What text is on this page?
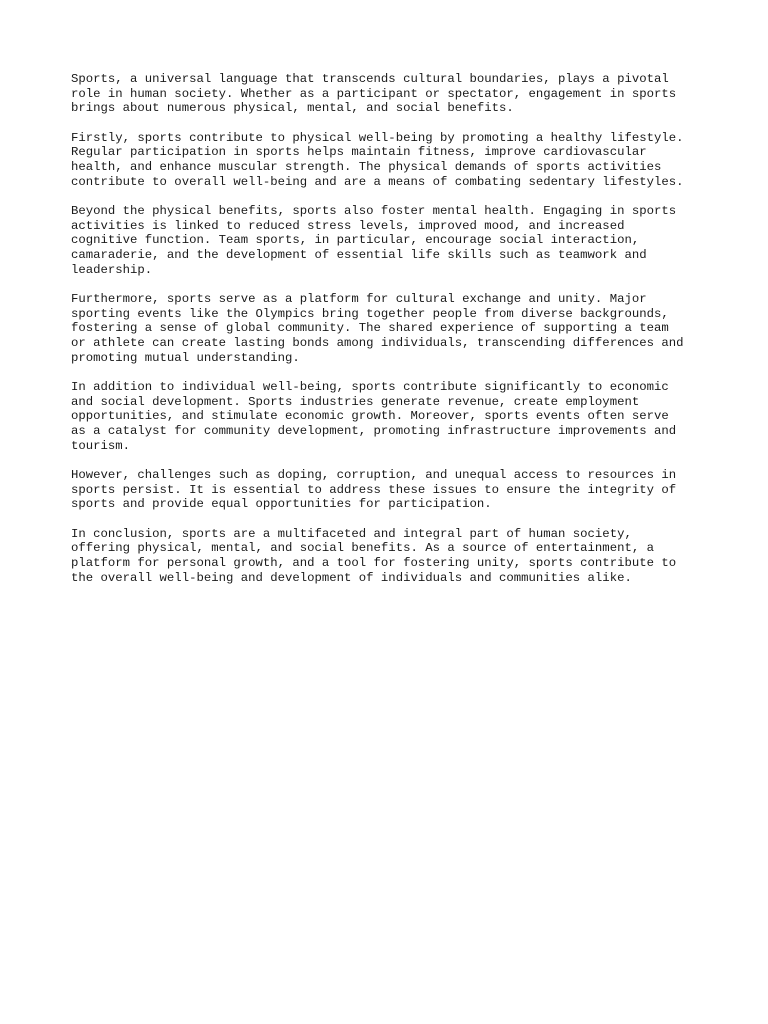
Sports, a universal language that transcends cultural boundaries, plays a pivotal
role in human society. Whether as a participant or spectator, engagement in sports
brings about numerous physical, mental, and social benefits.

Firstly, sports contribute to physical well-being by promoting a healthy lifestyle.
Regular participation in sports helps maintain fitness, improve cardiovascular
health, and enhance muscular strength. The physical demands of sports activities
contribute to overall well-being and are a means of combating sedentary lifestyles.

Beyond the physical benefits, sports also foster mental health. Engaging in sports
activities is linked to reduced stress levels, improved mood, and increased
cognitive function. Team sports, in particular, encourage social interaction,
camaraderie, and the development of essential life skills such as teamwork and
leadership.

Furthermore, sports serve as a platform for cultural exchange and unity. Major
sporting events like the Olympics bring together people from diverse backgrounds,
fostering a sense of global community. The shared experience of supporting a team
or athlete can create lasting bonds among individuals, transcending differences and
promoting mutual understanding.

In addition to individual well-being, sports contribute significantly to economic
and social development. Sports industries generate revenue, create employment
opportunities, and stimulate economic growth. Moreover, sports events often serve
as a catalyst for community development, promoting infrastructure improvements and
tourism.

However, challenges such as doping, corruption, and unequal access to resources in
sports persist. It is essential to address these issues to ensure the integrity of
sports and provide equal opportunities for participation.

In conclusion, sports are a multifaceted and integral part of human society,
offering physical, mental, and social benefits. As a source of entertainment, a
platform for personal growth, and a tool for fostering unity, sports contribute to
the overall well-being and development of individuals and communities alike.
